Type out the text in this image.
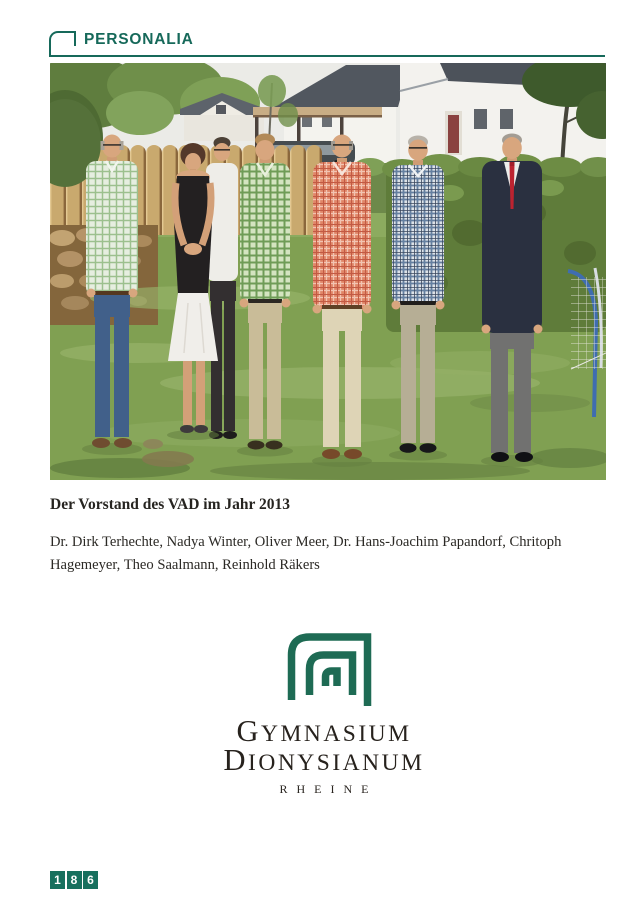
PERSONALIA
Der Vorstand des VAD im Jahr 2013
Dr. Dirk Terhechte, Nadya Winter, Oliver Meer, Dr. Hans-Joachim Papandorf, Chritoph
Hagemeyer, Theo Saalmann, Reinhold Räkers
GYMNASIUM
DIONYSIANUM
RHEINE
1 8 6
